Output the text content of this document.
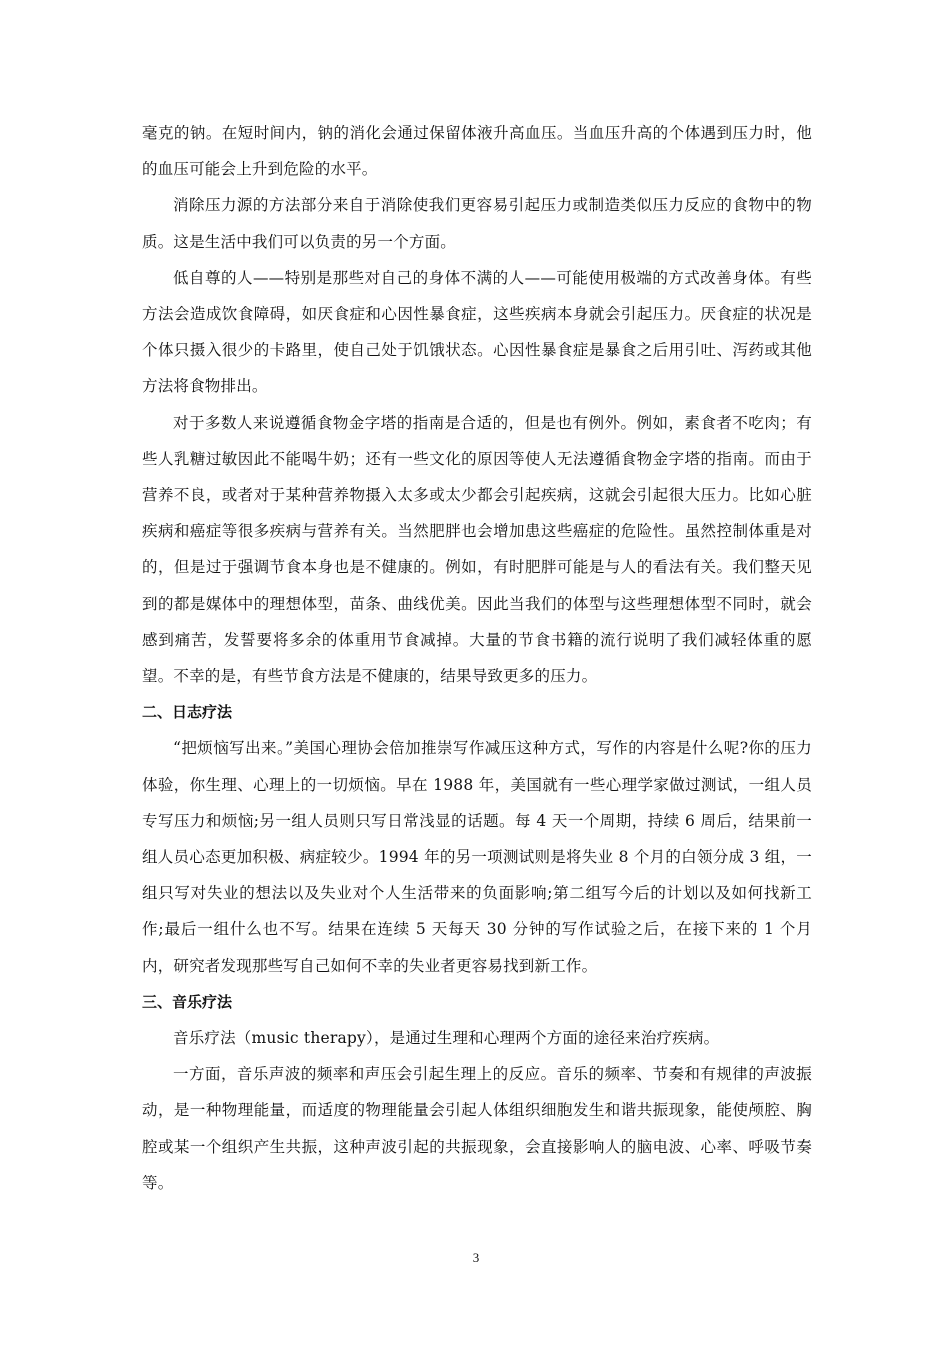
毫克的钠。在短时间内，钠的消化会通过保留体液升高血压。当血压升高的个体遇到压力时，他的血压可能会上升到危险的水平。

消除压力源的方法部分来自于消除使我们更容易引起压力或制造类似压力反应的食物中的物质。这是生活中我们可以负责的另一个方面。

低自尊的人——特别是那些对自己的身体不满的人——可能使用极端的方式改善身体。有些方法会造成饮食障碍，如厌食症和心因性暴食症，这些疾病本身就会引起压力。厌食症的状况是个体只摄入很少的卡路里，使自己处于饥饿状态。心因性暴食症是暴食之后用引吐、泻药或其他方法将食物排出。

对于多数人来说遵循食物金字塔的指南是合适的，但是也有例外。例如，素食者不吃肉；有些人乳糖过敏因此不能喝牛奶；还有一些文化的原因等使人无法遵循食物金字塔的指南。而由于营养不良，或者对于某种营养物摄入太多或太少都会引起疾病，这就会引起很大压力。比如心脏疾病和癌症等很多疾病与营养有关。当然肥胖也会增加患这些癌症的危险性。虽然控制体重是对的，但是过于强调节食本身也是不健康的。例如，有时肥胖可能是与人的看法有关。我们整天见到的都是媒体中的理想体型，苗条、曲线优美。因此当我们的体型与这些理想体型不同时，就会感到痛苦，发誓要将多余的体重用节食减掉。大量的节食书籍的流行说明了我们减轻体重的愿望。不幸的是，有些节食方法是不健康的，结果导致更多的压力。

二、日志疗法

“把烦恼写出来。”美国心理协会倍加推崇写作减压这种方式，写作的内容是什么呢?你的压力体验，你生理、心理上的一切烦恼。早在 1988 年，美国就有一些心理学家做过测试，一组人员专写压力和烦恼;另一组人员则只写日常浅显的话题。每 4 天一个周期，持续 6 周后，结果前一组人员心态更加积极、病症较少。1994 年的另一项测试则是将失业 8 个月的白领分成 3 组，一组只写对失业的想法以及失业对个人生活带来的负面影响;第二组写今后的计划以及如何找新工作;最后一组什么也不写。结果在连续 5 天每天 30 分钟的写作试验之后，在接下来的 1 个月内，研究者发现那些写自己如何不幸的失业者更容易找到新工作。

三、音乐疗法

音乐疗法（music therapy），是通过生理和心理两个方面的途径来治疗疾病。

一方面，音乐声波的频率和声压会引起生理上的反应。音乐的频率、节奏和有规律的声波振动，是一种物理能量，而适度的物理能量会引起人体组织细胞发生和谐共振现象，能使颅腔、胸腔或某一个组织产生共振，这种声波引起的共振现象，会直接影响人的脑电波、心率、呼吸节奏等。

3
